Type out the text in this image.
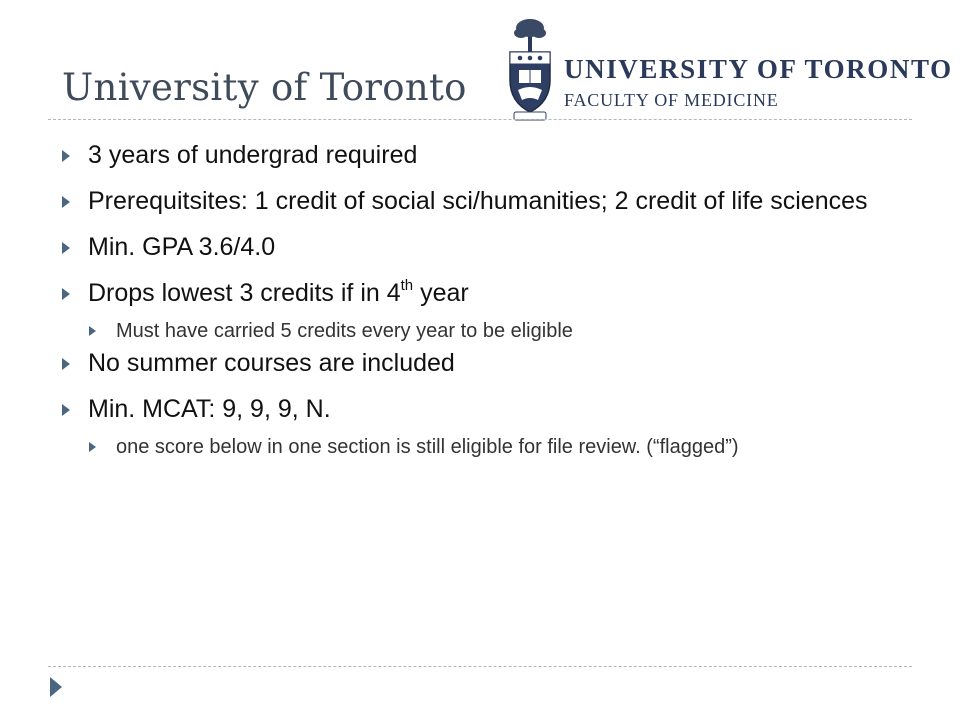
University of Toronto	UNIVERSITY OF TORONTO
FACULTY OF MEDICINE
3 years of undergrad required
Prerequitsites: 1 credit of social sci/humanities; 2 credit of life sciences
Min. GPA 3.6/4.0
Drops lowest 3 credits if in 4th year
Must have carried 5 credits every year to be eligible
No summer courses are included
Min. MCAT: 9, 9, 9, N.
one score below in one section is still eligible for file review. (“flagged”)
